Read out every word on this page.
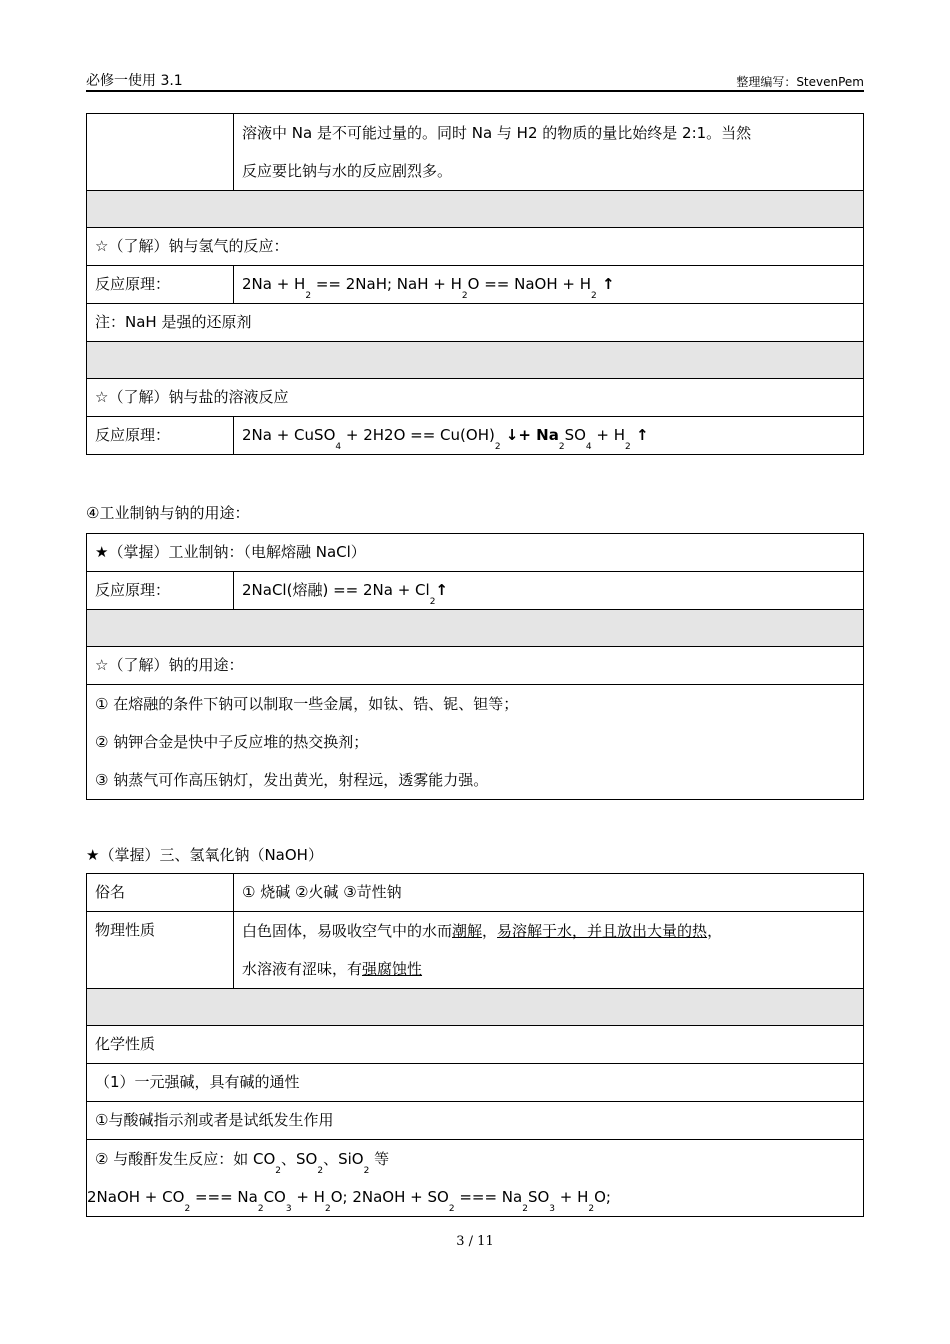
必修一使用 3.1	整理编写：StevenPem

	溶液中 Na 是不可能过量的。同时 Na 与 H2 的物质的量比始终是 2:1。当然
反应要比钠与水的反应剧烈多。

☆（了解）钠与氢气的反应：	
反应原理：	$2Na + H_2 == 2NaH$; NaH + $H_2O$ == NaOH + $H_2$ ↑
注：NaH 是强的还原剂	

☆（了解）钠与盐的溶液反应	
反应原理：	2Na + CuSO$_4$ + $2H2O == Cu(OH)_2$ ↓+ $Na_2SO_4 + H_2$ ↑
④工业制钠与钠的用途：
★（掌握）工业制钠：（电解熔融 NaCl）
反应原理：	2NaCl(熔融) == $2Na + Cl_2↑$

☆（了解）钠的用途：

① 在熔融的条件下钠可以制取一些金属，如钛、锆、铌、钽等；
② 钠钾合金是快中子反应堆的热交换剂；
③ 钠蒸气可作高压钠灯，发出黄光，射程远，透雾能力强。
★（掌握）三、氢氧化钠（NaOH）
俗名	① 烧碱 ②火碱 ③苛性钠
物理性质	白色固体，易吸收空气中的水而潮解，易溶解于水，并且放出大量的热，
水溶液有涩味，有强腐蚀性

化学性质	
（1）一元强碱，具有碱的通性	
①与酸碱指示剂或者是试纸发生作用	

② 与酸酐发生反应：如 $CO_2$、$SO_2$、SiO$_2$ 等
2NaOH + $CO_2$ === $Na_2CO_3 + H_2O$; 2NaOH + $SO_2$ === $Na_2SO_3 + H_2O$;	
3 / 11
